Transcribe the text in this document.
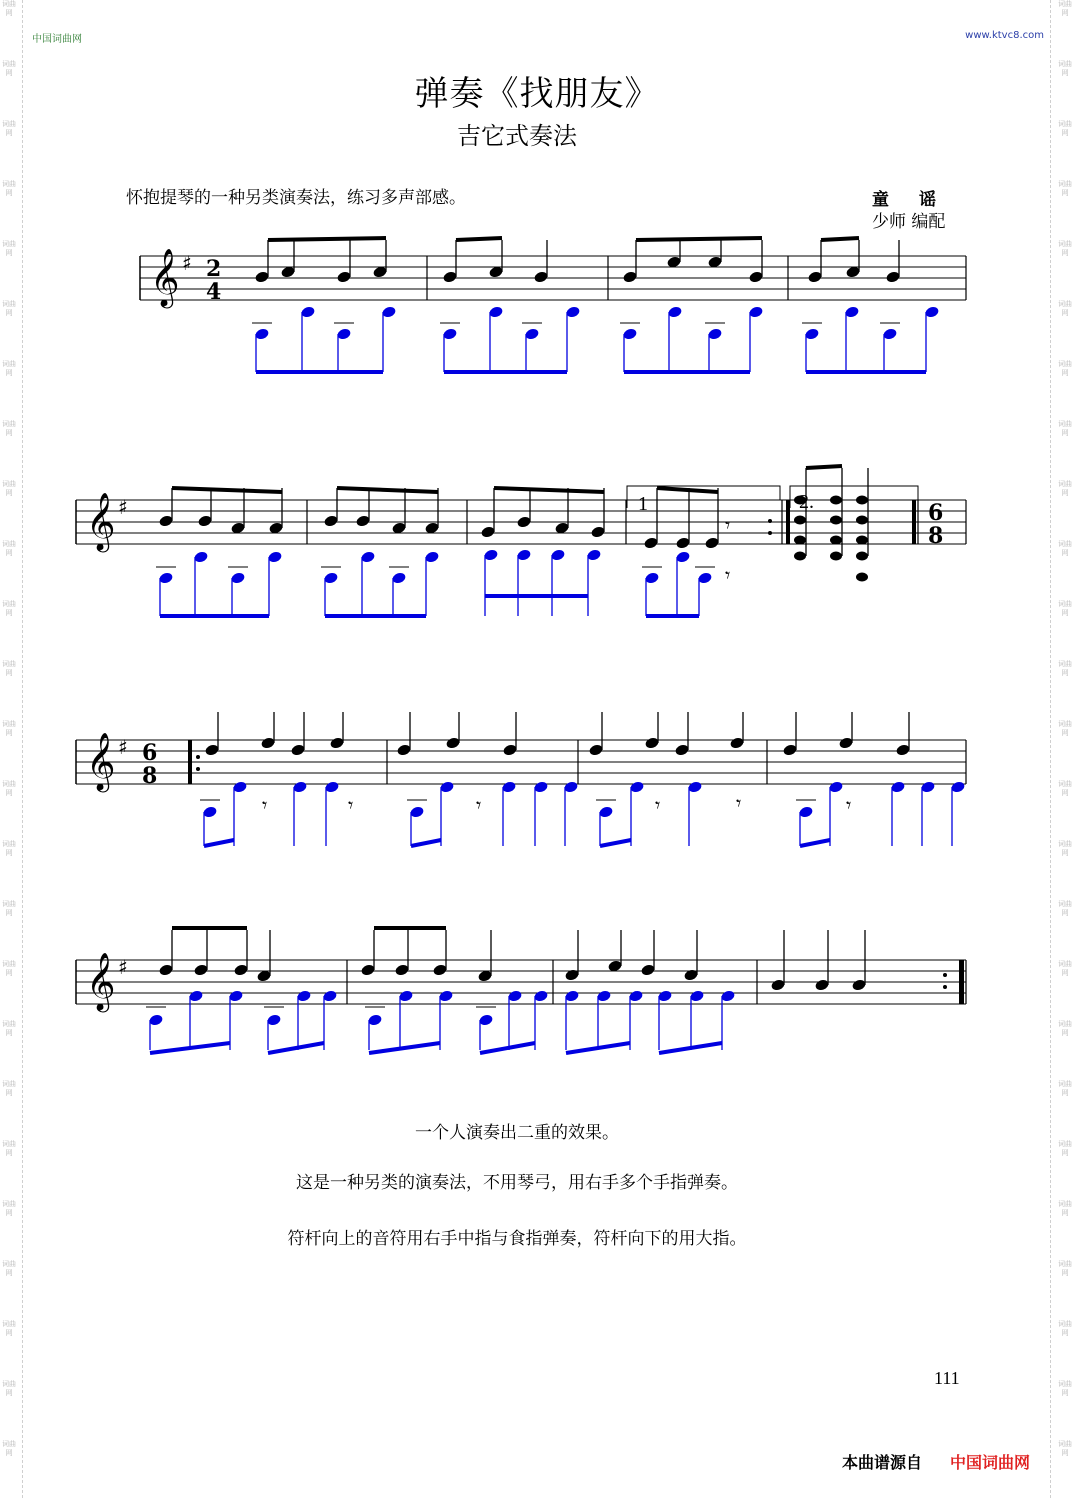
词曲网
词曲网
词曲网
词曲网
词曲网
词曲网
词曲网
词曲网
词曲网
词曲网
词曲网
词曲网
词曲网
词曲网
词曲网
词曲网
词曲网
词曲网
词曲网
词曲网
词曲网
词曲网
词曲网
词曲网
词曲网
词曲网
词曲网
词曲网
词曲网
词曲网
词曲网
词曲网
词曲网
词曲网
词曲网
词曲网
词曲网
词曲网
词曲网
词曲网
词曲网
词曲网
词曲网
词曲网
词曲网
词曲网
词曲网
词曲网
词曲网
词曲网
中国词曲网	www.ktvc8.com
弹奏《找朋友》
吉它式奏法
怀抱提琴的一种另类演奏法，练习多声部感。	童谣
少师 编配
𝄞 ♯ 2
4
𝄞 ♯
𝄞 ♯ 6
8
𝄞 ♯
𝄾
𝄾
1	2.	6
8
𝄾	𝄾	𝄾	𝄾	𝄾	𝄾
一个人演奏出二重的效果。
这是一种另类的演奏法，不用琴弓，用右手多个手指弹奏。
符杆向上的音符用右手中指与食指弹奏，符杆向下的用大指。
111
本曲谱源自 中国词曲网
